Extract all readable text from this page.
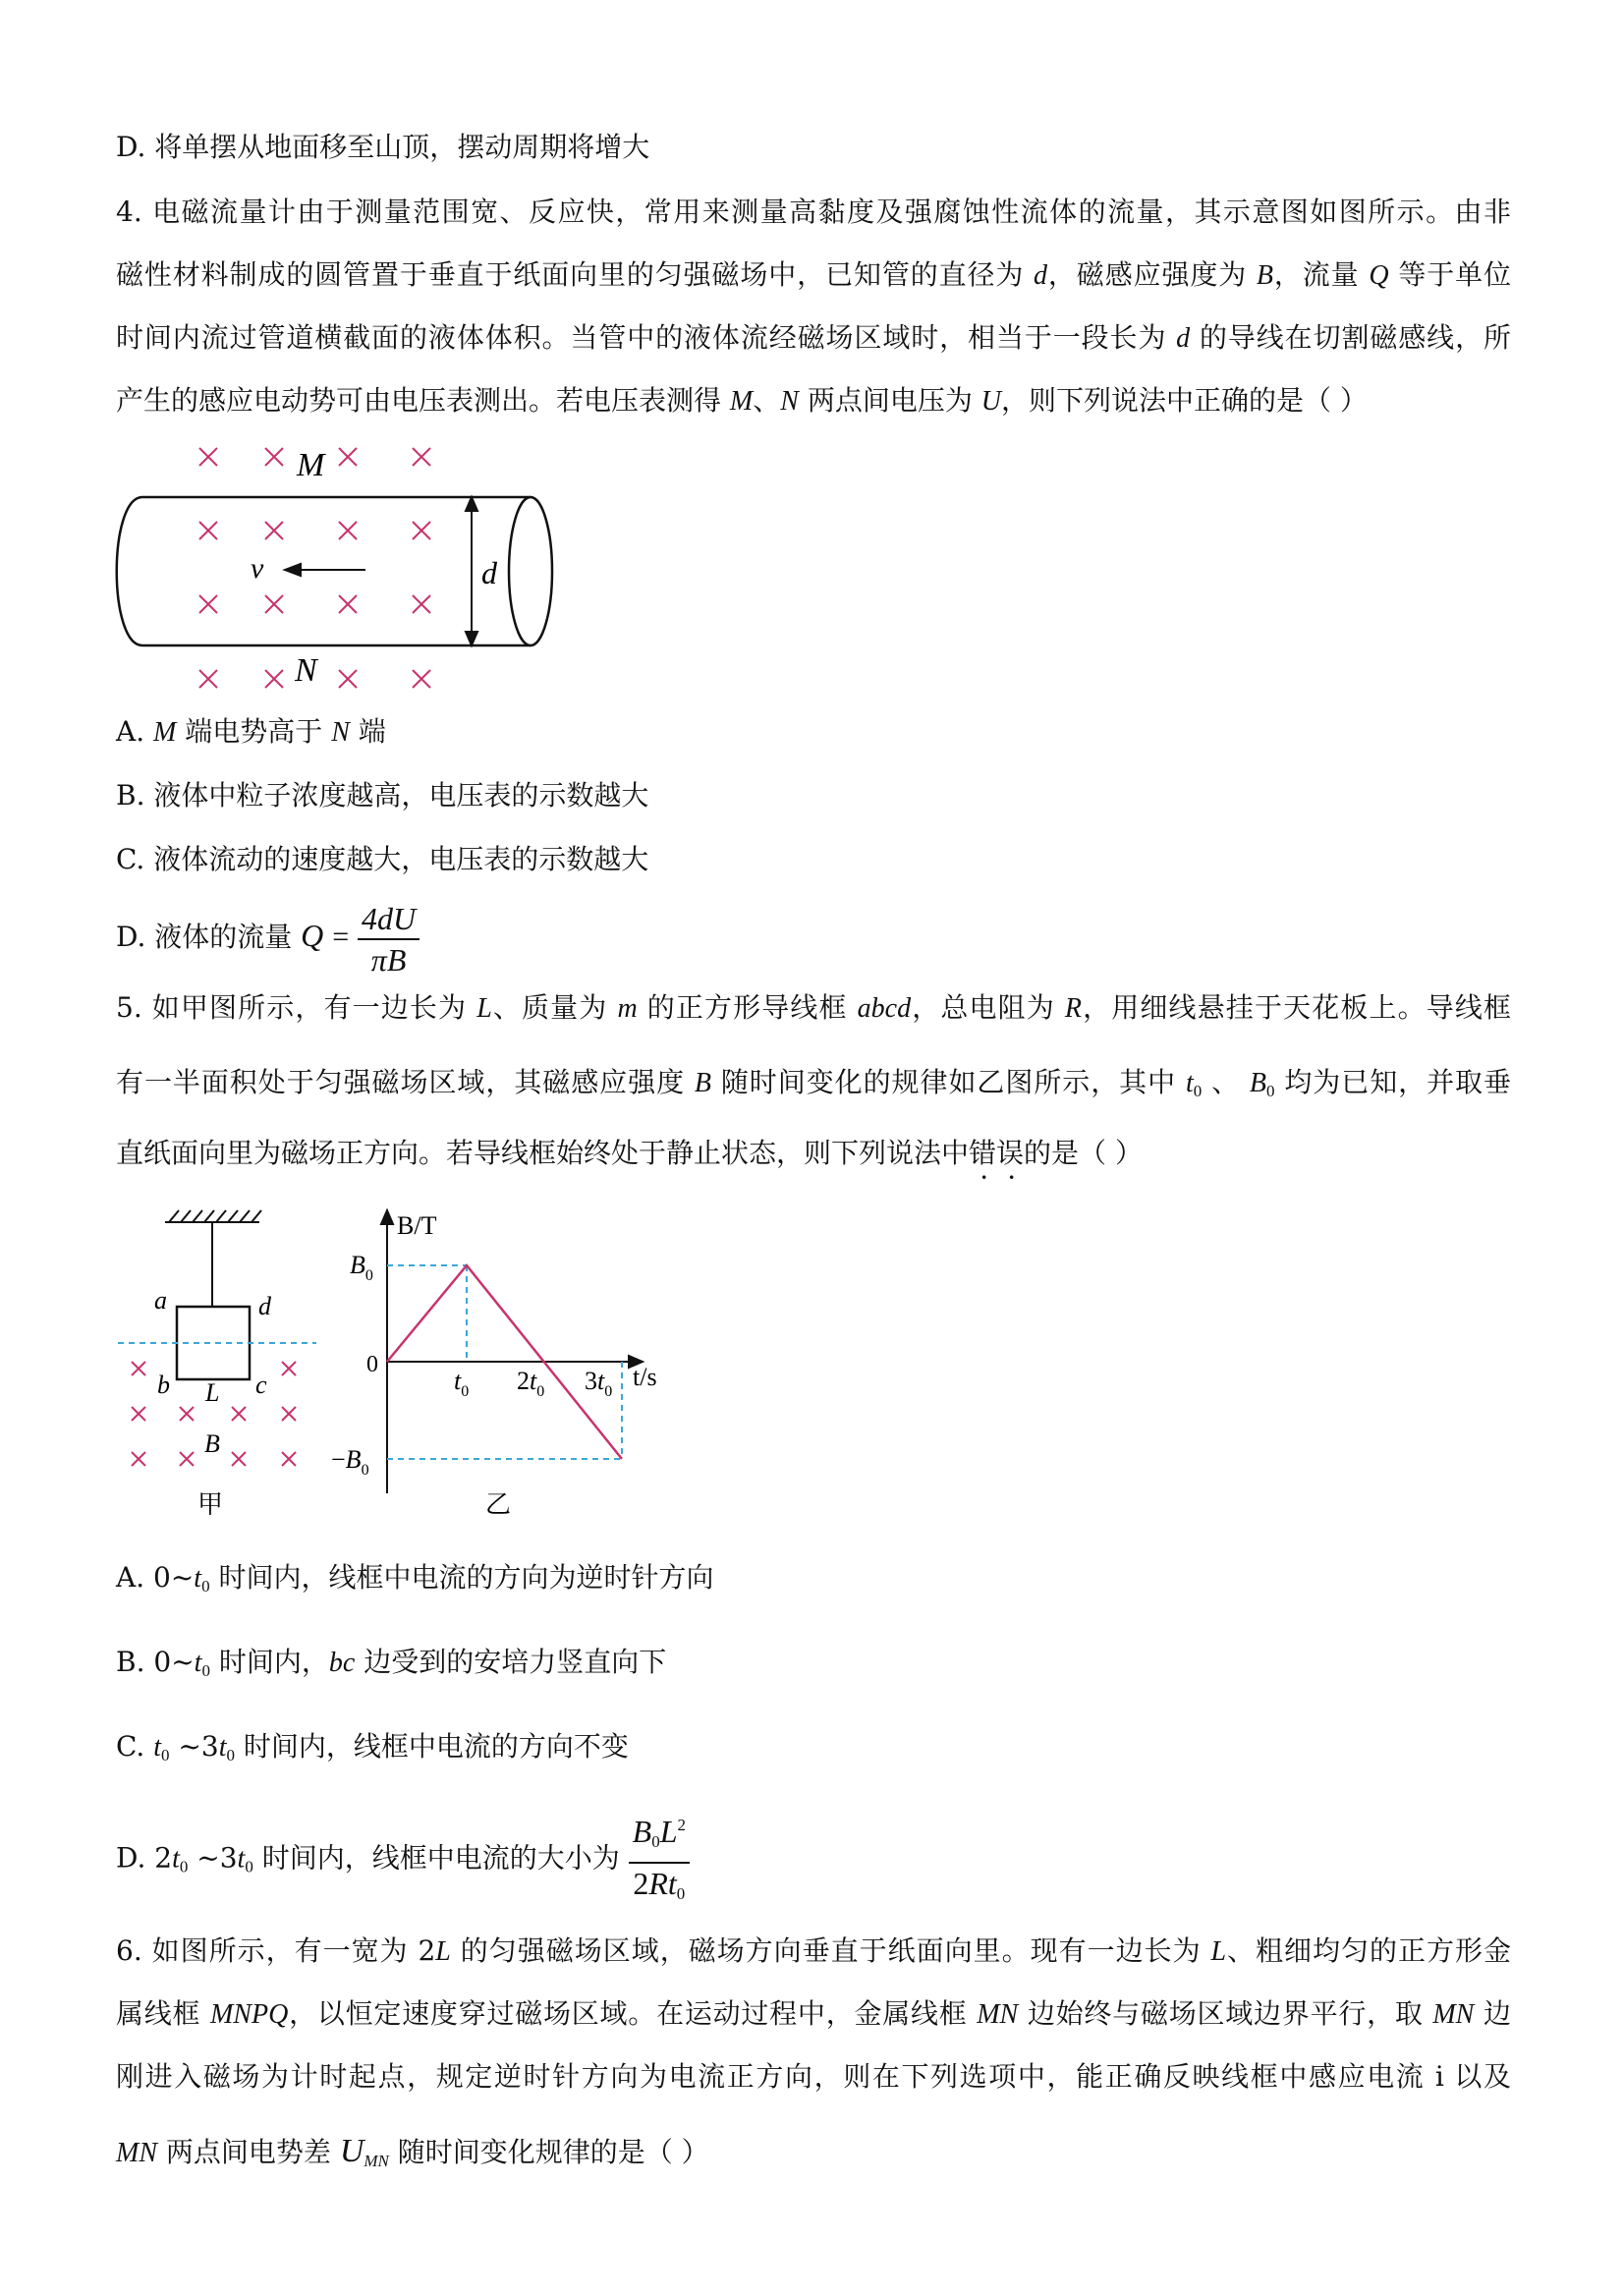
D. 将单摆从地面移至山顶，摆动周期将增大
4. 电磁流量计由于测量范围宽、反应快，常用来测量高黏度及强腐蚀性流体的流量，其示意图如图所示。由非
磁性材料制成的圆管置于垂直于纸面向里的匀强磁场中，已知管的直径为 d，磁感应强度为 B，流量 Q 等于单位
时间内流过管道横截面的液体体积。当管中的液体流经磁场区域时，相当于一段长为 d 的导线在切割磁感线，所
产生的感应电动势可由电压表测出。若电压表测得 M、N 两点间电压为 U，则下列说法中正确的是（ ）
M
N
v	d
A. M 端电势高于 N 端
B. 液体中粒子浓度越高，电压表的示数越大
C. 液体流动的速度越大，电压表的示数越大
D. 液体的流量 $Q = \frac{4dU}{\pi B}$
5. 如甲图所示，有一边长为 L、质量为 m 的正方形导线框 abcd，总电阻为 R，用细线悬挂于天花板上。导线框
有一半面积处于匀强磁场区域，其磁感应强度 B 随时间变化的规律如乙图所示，其中 $t_0$ 、 $B_0$ 均为已知，并取垂
直纸面向里为磁场正方向。若导线框始终处于静止状态，则下列说法中错误的是（ ）
a	d
b	c
L
B
甲
B/T
t/s
0
$B_0$
$-B_0$
$t_0$ $2t_0$ $3t_0$
乙
A. $0\sim t_0$ 时间内，线框中电流的方向为逆时针方向
B. $0\sim t_0$ 时间内，bc 边受到的安培力竖直向下
C. $t_0$ $\sim 3t_0$ 时间内，线框中电流的方向不变
D. $2t_0$ $\sim 3t_0$ 时间内，线框中电流的大小为 $\frac{B_0L^2}{2Rt_0}$
6. 如图所示，有一宽为 2L 的匀强磁场区域，磁场方向垂直于纸面向里。现有一边长为 L、粗细均匀的正方形金
属线框 MNPQ，以恒定速度穿过磁场区域。在运动过程中，金属线框 MN 边始终与磁场区域边界平行，取 MN 边
刚进入磁场为计时起点，规定逆时针方向为电流正方向，则在下列选项中，能正确反映线框中感应电流 i 以及
MN 两点间电势差 $U_{MN}$ 随时间变化规律的是（ ）
